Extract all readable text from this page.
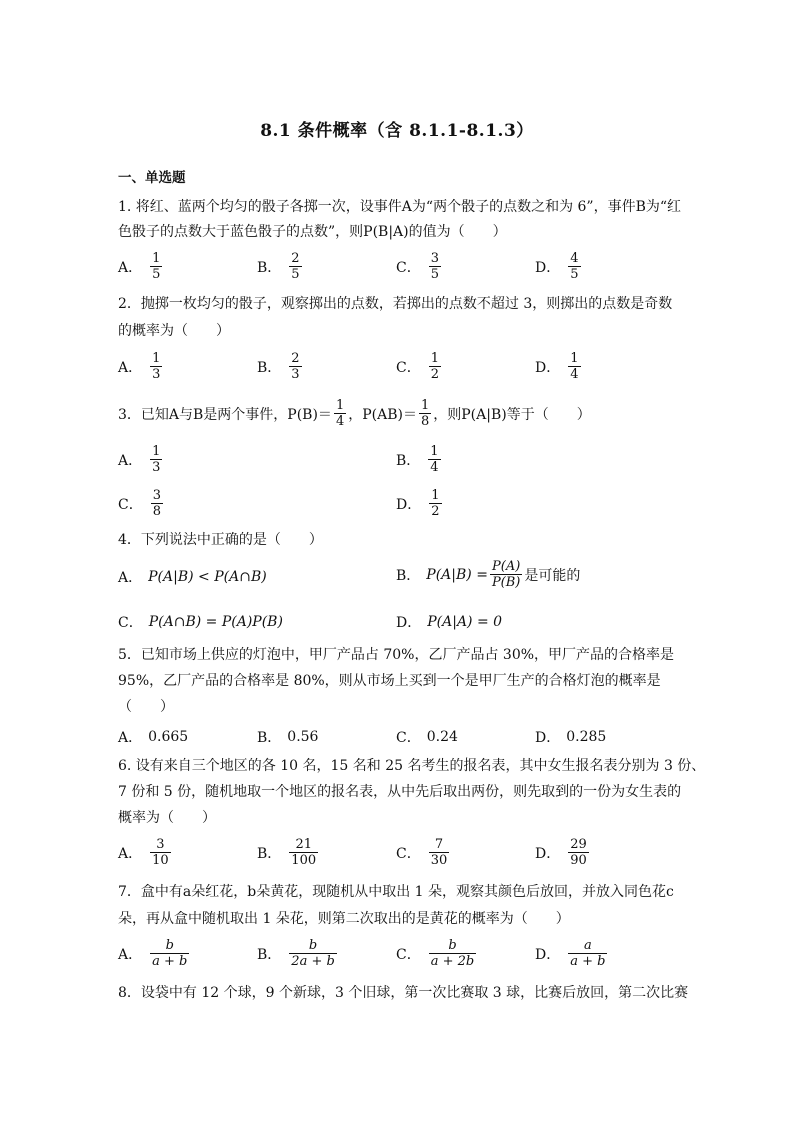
8.1 条件概率（含 8.1.1-8.1.3）
一、单选题
1. 将红、蓝两个均匀的骰子各掷一次，设事件A为“两个骰子的点数之和为 6”，事件B为“红
色骰子的点数大于蓝色骰子的点数”，则P(B|A)的值为（　　）
A． $\frac{1}{5}$	B． $\frac{2}{5}$	C． $\frac{3}{5}$	D． $\frac{4}{5}$
2．抛掷一枚均匀的骰子，观察掷出的点数，若掷出的点数不超过 3，则掷出的点数是奇数
的概率为（　　）
A． $\frac{1}{3}$	B． $\frac{2}{3}$	C． $\frac{1}{2}$	D． $\frac{1}{4}$
3．已知A与B是两个事件，$P(B)= \frac{1}{4}$ ，$P(AB)= \frac{1}{8}$ ，则P(A|B)等于（　　）
A． $\frac{1}{3}$	B． $\frac{1}{4}$
C． $\frac{3}{8}$	D． $\frac{1}{2}$
4．下列说法中正确的是（　　）
A． P(A|B) < P(A∩B)	B． $P(A|B) = \frac{P(A)}{P(B)}$ 是可能的
C． P(A∩B) = P(A)P(B)	D． P(A|A) = 0
5．已知市场上供应的灯泡中，甲厂产品占 70%，乙厂产品占 30%，甲厂产品的合格率是
95%，乙厂产品的合格率是 80%，则从市场上买到一个是甲厂生产的合格灯泡的概率是
（　　）
A． 0.665	B． 0.56	C． 0.24	D． 0.285
6. 设有来自三个地区的各 10 名，15 名和 25 名考生的报名表，其中女生报名表分别为 3 份、
7 份和 5 份，随机地取一个地区的报名表，从中先后取出两份，则先取到的一份为女生表的
概率为（　　）
A． $\frac{3}{10}$	B． $\frac{21}{100}$	C． $\frac{7}{30}$	D． $\frac{29}{90}$
7．盒中有a朵红花，b朵黄花，现随机从中取出 1 朵，观察其颜色后放回，并放入同色花c
朵，再从盒中随机取出 1 朵花，则第二次取出的是黄花的概率为（　　）
A． $\frac{b}{a + b}$	B． $\frac{b}{2a + b}$	C． $\frac{b}{a + 2b}$	D． $\frac{a}{a + b}$
8．设袋中有 12 个球，9 个新球，3 个旧球，第一次比赛取 3 球，比赛后放回，第二次比赛
